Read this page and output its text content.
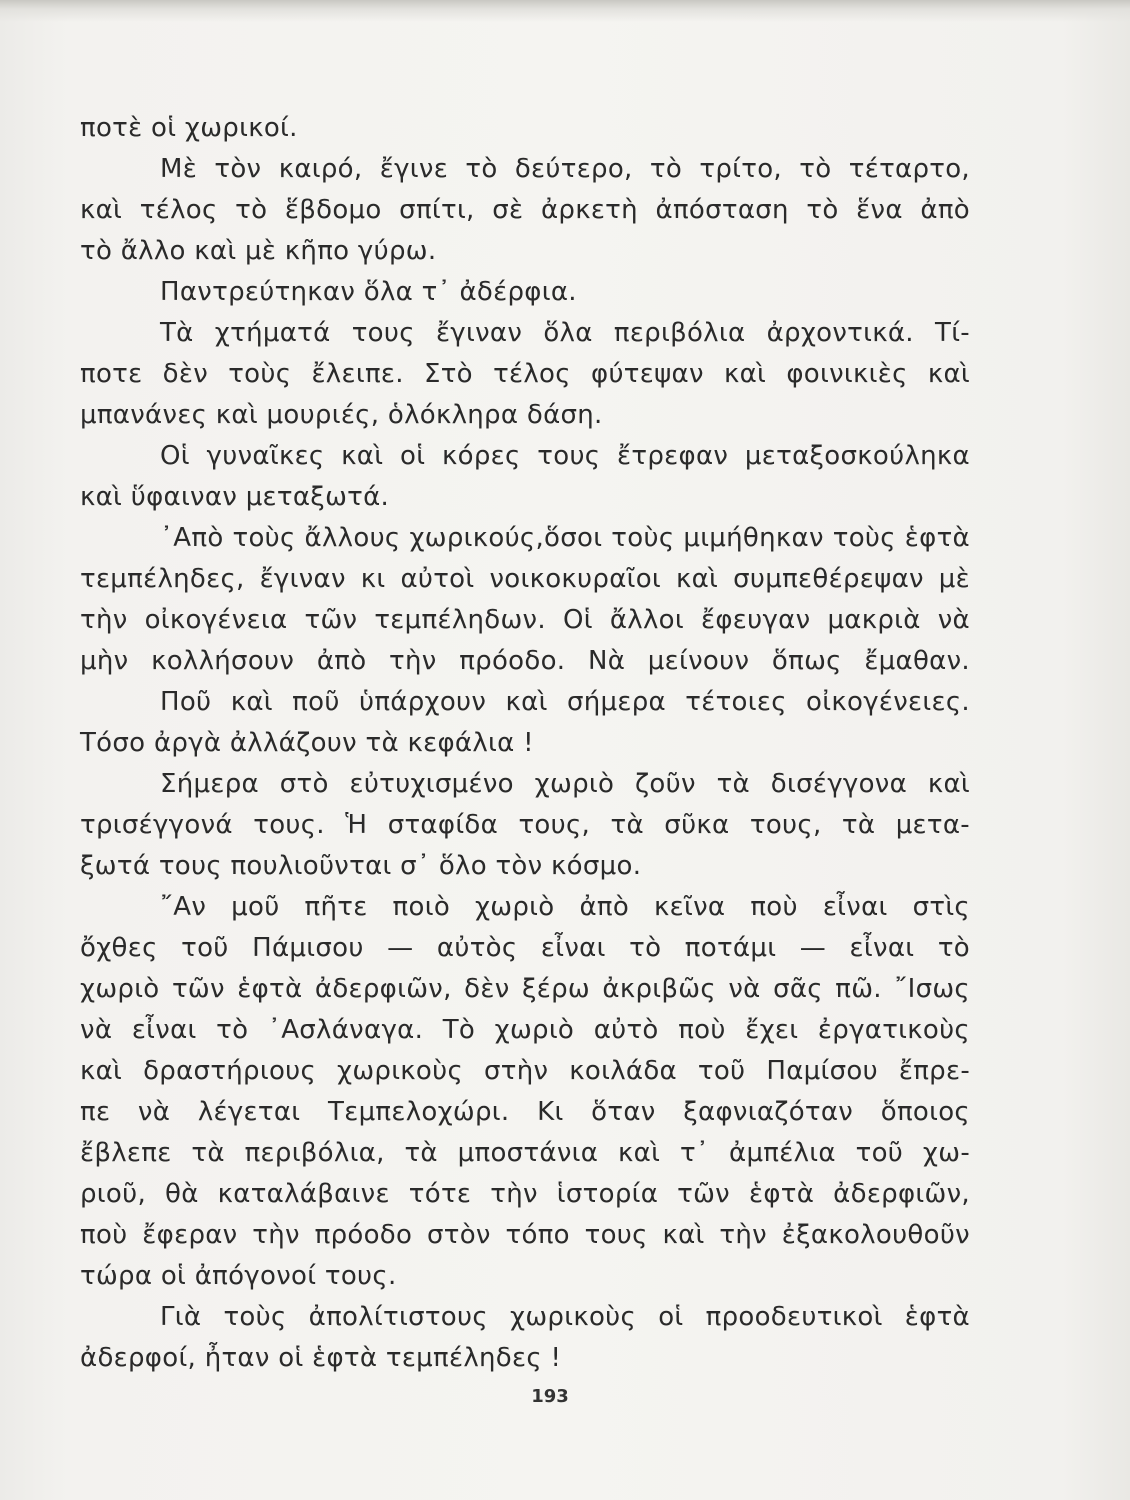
ποτὲ οἱ χωρικοί.
Μὲ τὸν καιρό, ἔγινε τὸ δεύτερο, τὸ τρίτο, τὸ τέταρτο,
καὶ τέλος τὸ ἕβδομο σπίτι, σὲ ἀρκετὴ ἀπόσταση τὸ ἕνα ἀπὸ
τὸ ἄλλο καὶ μὲ κῆπο γύρω.
Παντρεύτηκαν ὅλα τ᾽ ἀδέρφια.
Τὰ χτήματά τους ἔγιναν ὅλα περιβόλια ἀρχοντικά. Τί-
ποτε δὲν τοὺς ἔλειπε. Στὸ τέλος φύτεψαν καὶ φοινικιὲς καὶ
μπανάνες καὶ μουριές, ὁλόκληρα δάση.
Οἱ γυναῖκες καὶ οἱ κόρες τους ἔτρεφαν μεταξοσκούληκα
καὶ ὕφαιναν μεταξωτά.
᾽Απὸ τοὺς ἄλλους χωρικούς,ὅσοι τοὺς μιμήθηκαν τοὺς ἑφτὰ
τεμπέληδες, ἔγιναν κι αὐτοὶ νοικοκυραῖοι καὶ συμπεθέρεψαν μὲ
τὴν οἰκογένεια τῶν τεμπέληδων. Οἱ ἄλλοι ἔφευγαν μακριὰ νὰ
μὴν κολλήσουν ἀπὸ τὴν πρόοδο. Νὰ μείνουν ὅπως ἔμαθαν.
Ποῦ καὶ ποῦ ὑπάρχουν καὶ σήμερα τέτοιες οἰκογένειες.
Τόσο ἀργὰ ἀλλάζουν τὰ κεφάλια !
Σήμερα στὸ εὐτυχισμένο χωριὸ ζοῦν τὰ δισέγγονα καὶ
τρισέγγονά τους. Ἡ σταφίδα τους, τὰ σῦκα τους, τὰ μετα-
ξωτά τους πουλιοῦνται σ᾽ ὅλο τὸν κόσμο.
῎Αν μοῦ πῆτε ποιὸ χωριὸ ἀπὸ κεῖνα ποὺ εἶναι στὶς
ὄχθες τοῦ Πάμισου — αὐτὸς εἶναι τὸ ποτάμι — εἶναι τὸ
χωριὸ τῶν ἑφτὰ ἀδερφιῶν, δὲν ξέρω ἀκριβῶς νὰ σᾶς πῶ. ῎Ισως
νὰ εἶναι τὸ ᾽Ασλάναγα. Τὸ χωριὸ αὐτὸ ποὺ ἔχει ἐργατικοὺς
καὶ δραστήριους χωρικοὺς στὴν κοιλάδα τοῦ Παμίσου ἔπρε-
πε νὰ λέγεται Τεμπελοχώρι. Κι ὅταν ξαφνιαζόταν ὅποιος
ἔβλεπε τὰ περιβόλια, τὰ μποστάνια καὶ τ᾽ ἀμπέλια τοῦ χω-
ριοῦ, θὰ καταλάβαινε τότε τὴν ἱστορία τῶν ἑφτὰ ἀδερφιῶν,
ποὺ ἔφεραν τὴν πρόοδο στὸν τόπο τους καὶ τὴν ἐξακολουθοῦν
τώρα οἱ ἀπόγονοί τους.
Γιὰ τοὺς ἀπολίτιστους χωρικοὺς οἱ προοδευτικοὶ ἑφτὰ
ἀδερφοί, ἦταν οἱ ἑφτὰ τεμπέληδες !
193
